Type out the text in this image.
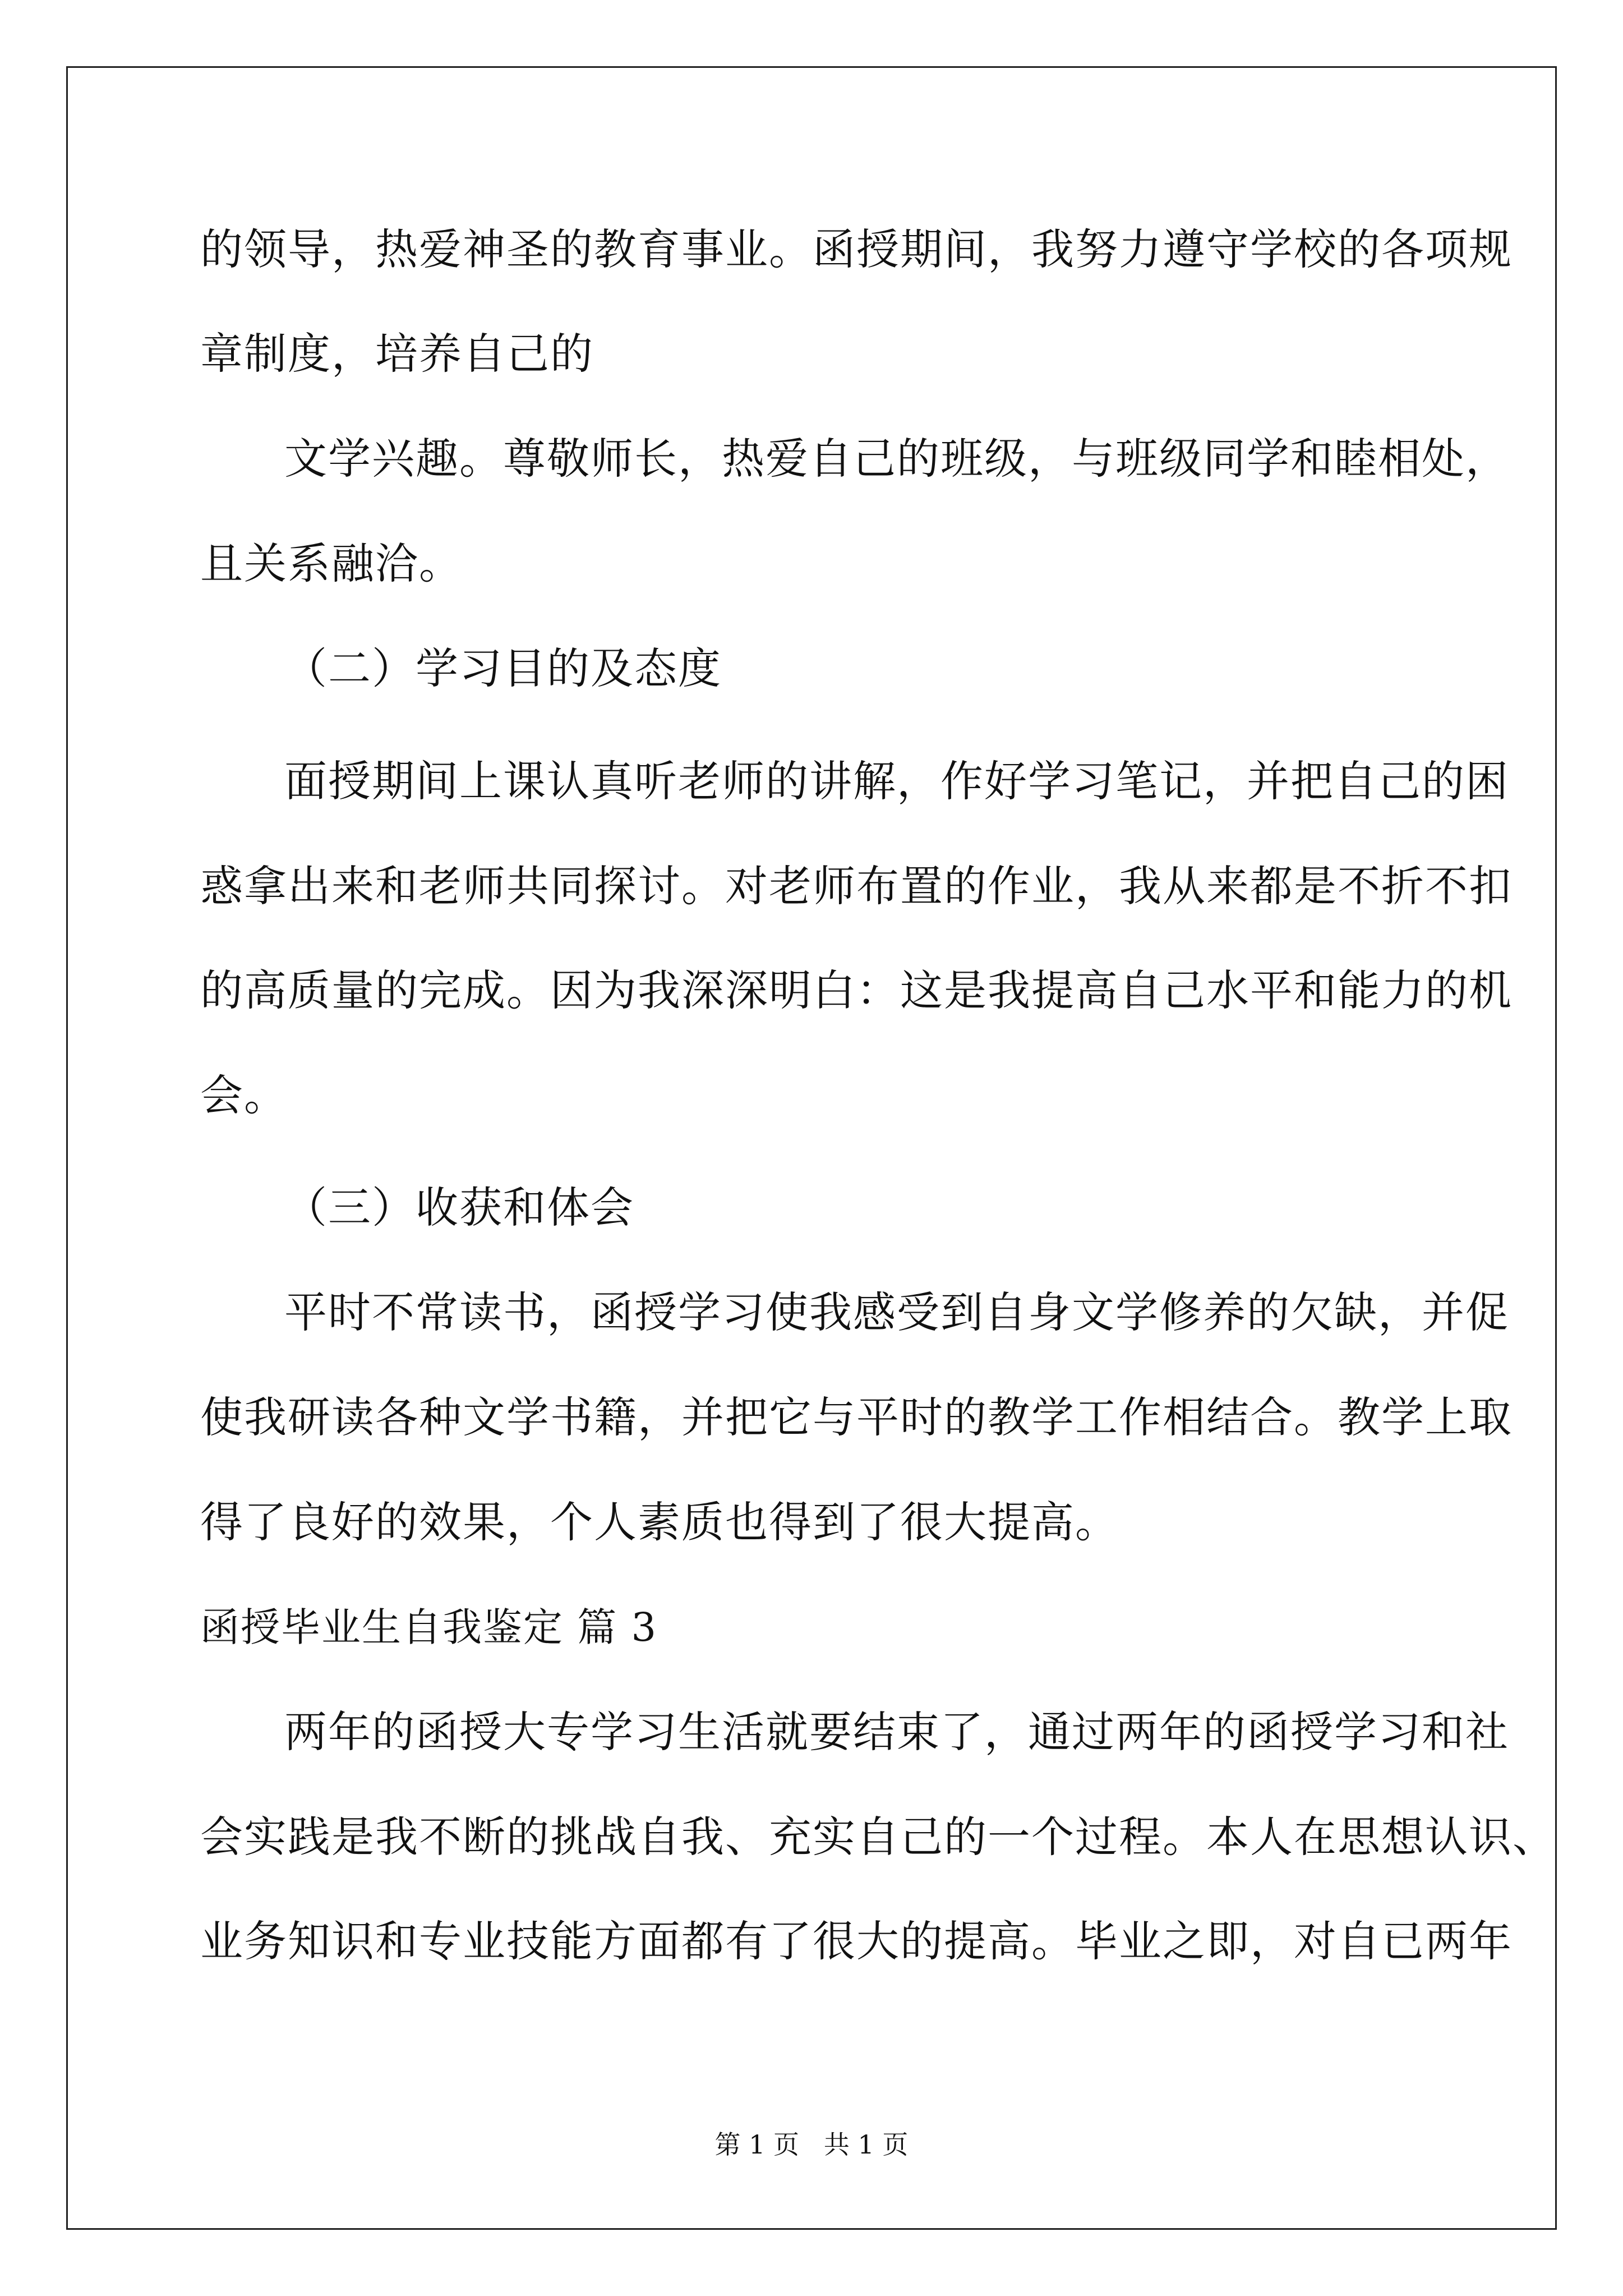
的领导，热爱神圣的教育事业。函授期间，我努力遵守学校的各项规
章制度，培养自己的
文学兴趣。尊敬师长，热爱自己的班级，与班级同学和睦相处，
且关系融洽。
（二）学习目的及态度
面授期间上课认真听老师的讲解，作好学习笔记，并把自己的困
惑拿出来和老师共同探讨。对老师布置的作业，我从来都是不折不扣
的高质量的完成。因为我深深明白：这是我提高自己水平和能力的机
会。
（三）收获和体会
平时不常读书，函授学习使我感受到自身文学修养的欠缺，并促
使我研读各种文学书籍，并把它与平时的教学工作相结合。教学上取
得了良好的效果，个人素质也得到了很大提高。
函授毕业生自我鉴定 篇 3
两年的函授大专学习生活就要结束了，通过两年的函授学习和社
会实践是我不断的挑战自我、充实自己的一个过程。本人在思想认识、
业务知识和专业技能方面都有了很大的提高。毕业之即，对自已两年
第 1 页   共 1 页
